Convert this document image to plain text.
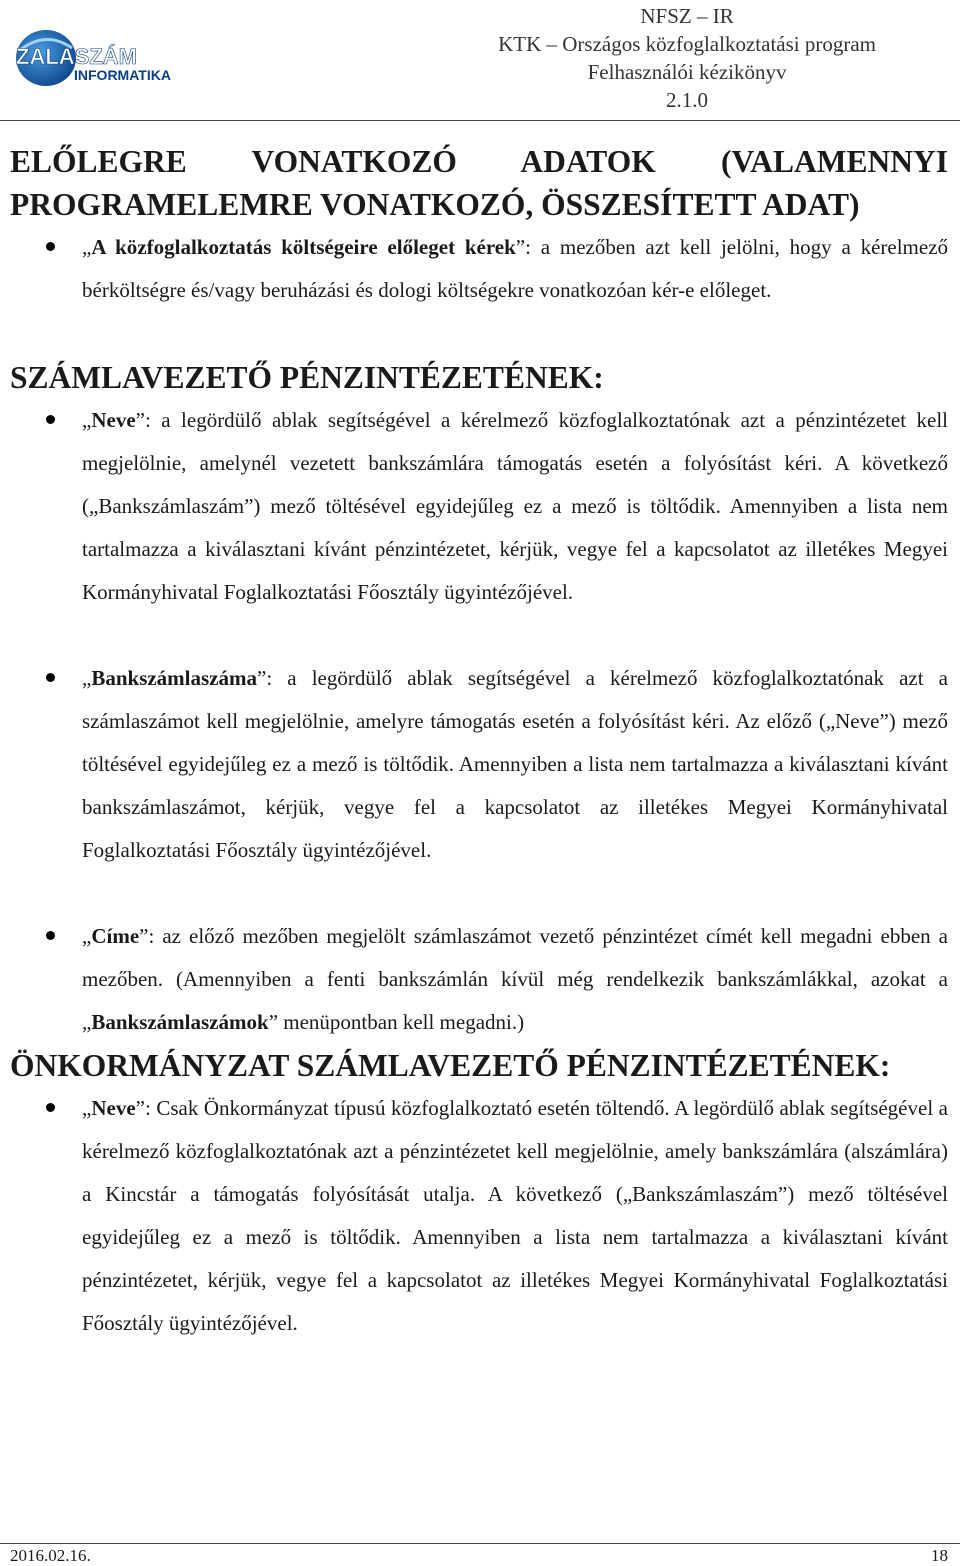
ZALASZÁM
INFORMATIKA
NFSZ – IR
KTK – Országos közfoglalkoztatási program
Felhasználói kézikönyv
2.1.0
ELŐLEGRE VONATKOZÓ ADATOK (VALAMENNYI PROGRAMELEMRE VONATKOZÓ, ÖSSZESÍTETT ADAT)
„A közfoglalkoztatás költségeire előleget kérek”: a mezőben azt kell jelölni, hogy a kérelmező bérköltségre és/vagy beruházási és dologi költségekre vonatkozóan kér-e előleget.
SZÁMLAVEZETŐ PÉNZINTÉZETÉNEK:
„Neve”: a legördülő ablak segítségével a kérelmező közfoglalkoztatónak azt a pénzintézetet kell megjelölnie, amelynél vezetett bankszámlára támogatás esetén a folyósítást kéri. A következő („Bankszámlaszám”) mező töltésével egyidejűleg ez a mező is töltődik. Amennyiben a lista nem tartalmazza a kiválasztani kívánt pénzintézetet, kérjük, vegye fel a kapcsolatot az illetékes Megyei Kormányhivatal Foglalkoztatási Főosztály ügyintézőjével.
„Bankszámlaszáma”: a legördülő ablak segítségével a kérelmező közfoglalkoztatónak azt a számlaszámot kell megjelölnie, amelyre támogatás esetén a folyósítást kéri. Az előző („Neve”) mező töltésével egyidejűleg ez a mező is töltődik. Amennyiben a lista nem tartalmazza a kiválasztani kívánt bankszámlaszámot, kérjük, vegye fel a kapcsolatot az illetékes Megyei Kormányhivatal Foglalkoztatási Főosztály ügyintézőjével.
„Címe”: az előző mezőben megjelölt számlaszámot vezető pénzintézet címét kell megadni ebben a mezőben. (Amennyiben a fenti bankszámlán kívül még rendelkezik bankszámlákkal, azokat a „Bankszámlaszámok” menüpontban kell megadni.)
ÖNKORMÁNYZAT SZÁMLAVEZETŐ PÉNZINTÉZETÉNEK:
„Neve”: Csak Önkormányzat típusú közfoglalkoztató esetén töltendő. A legördülő ablak segítségével a kérelmező közfoglalkoztatónak azt a pénzintézetet kell megjelölnie, amely bankszámlára (alszámlára) a Kincstár a támogatás folyósítását utalja. A következő („Bankszámlaszám”) mező töltésével egyidejűleg ez a mező is töltődik. Amennyiben a lista nem tartalmazza a kiválasztani kívánt pénzintézetet, kérjük, vegye fel a kapcsolatot az illetékes Megyei Kormányhivatal Foglalkoztatási Főosztály ügyintézőjével.
2016.02.16.	18
